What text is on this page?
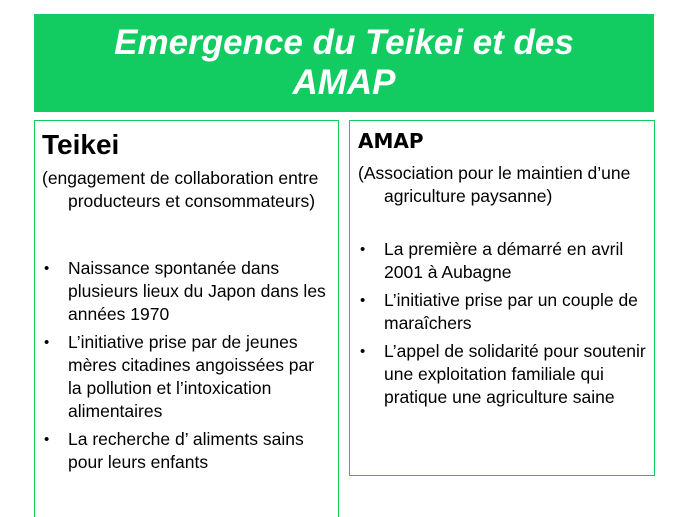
Emergence du Teikei et des AMAP
Teikei

(engagement de collaboration entre producteurs et consommateurs)

• Naissance spontanée dans plusieurs lieux du Japon dans les années 1970
• L’initiative prise par de jeunes mères citadines angoissées par la pollution et l’intoxication alimentaires
• La recherche d’ aliments sains pour leurs enfants
AMAP

(Association pour le maintien d’une agriculture paysanne)

• La première a démarré en avril 2001 à Aubagne
• L’initiative prise par un couple de maraîchers
• L’appel de solidarité pour soutenir une exploitation familiale qui pratique une agriculture saine
